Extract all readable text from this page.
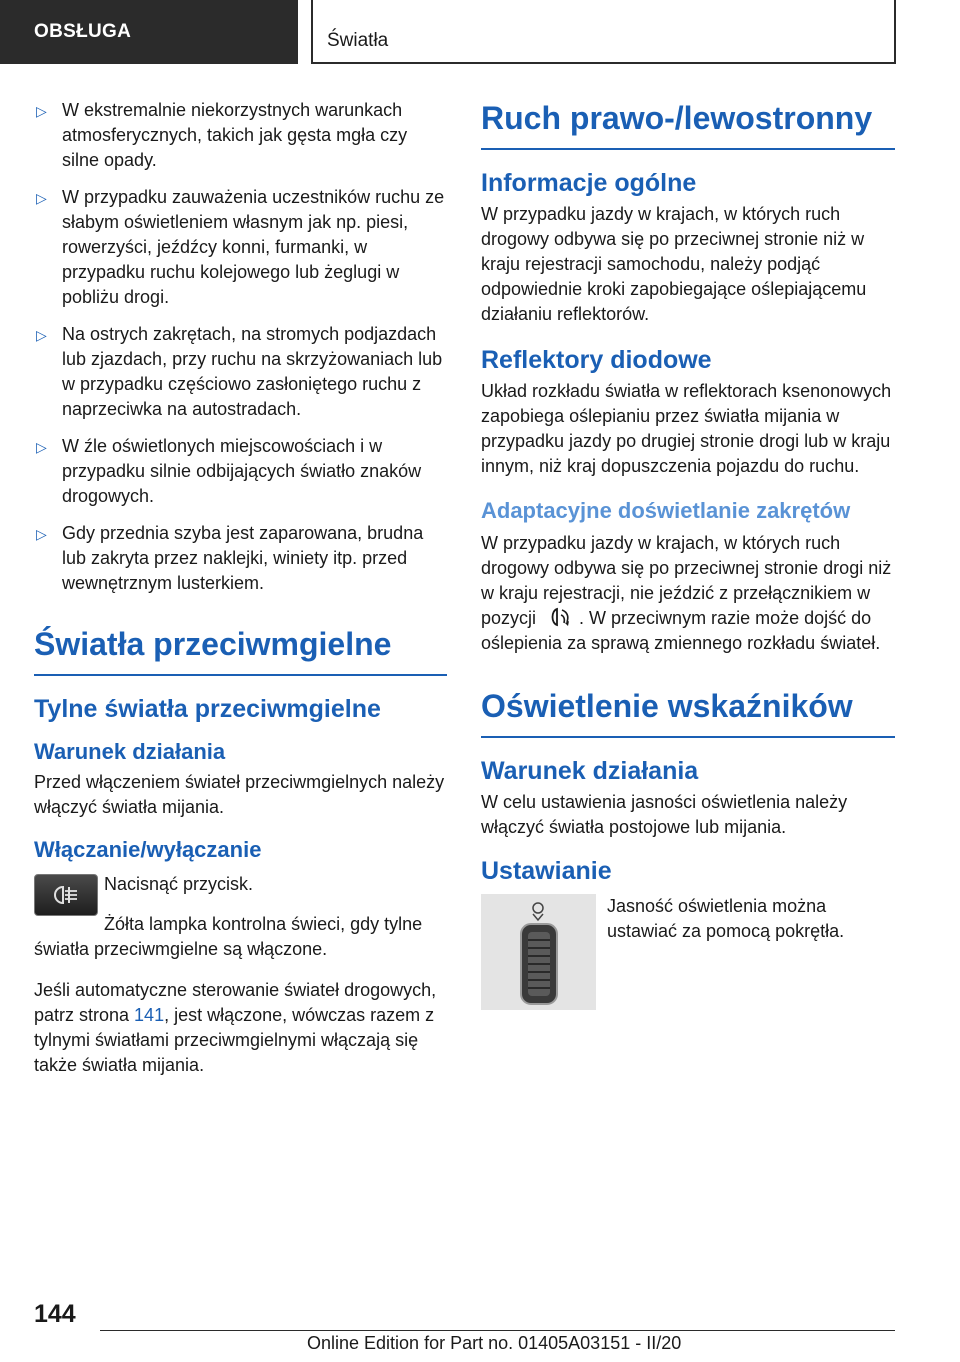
OBSŁUGA	Światła
▷ W ekstremalnie niekorzystnych warunkach atmosferycznych, takich jak gęsta mgła czy silne opady.
▷ W przypadku zauważenia uczestników ruchu ze słabym oświetleniem własnym jak np. piesi, rowerzyści, jeźdźcy konni, furmanki, w przypadku ruchu kolejowego lub żeglugi w pobliżu drogi.
▷ Na ostrych zakrętach, na stromych podjazdach lub zjazdach, przy ruchu na skrzyżowaniach lub w przypadku częściowo zasłoniętego ruchu z naprzeciwka na autostradach.
▷ W źle oświetlonych miejscowościach i w przypadku silnie odbijających światło znaków drogowych.
▷ Gdy przednia szyba jest zaparowana, brudna lub zakryta przez naklejki, winiety itp. przed wewnętrznym lusterkiem.
Światła przeciwmgielne
Tylne światła przeciwmgielne
Warunek działania

Przed włączeniem świateł przeciwmgielnych należy włączyć światła mijania.

Włączanie/wyłączanie

Nacisnąć przycisk.

Żółta lampka kontrolna świeci, gdy tylne światła przeciwmgielne są włączone.

Jeśli automatyczne sterowanie świateł drogowych, patrz strona 141, jest włączone, wówczas razem z tylnymi światłami przeciwmgielnymi włączają się także światła mijania.

Ruch prawo-/lewostronny
Informacje ogólne

W przypadku jazdy w krajach, w których ruch drogowy odbywa się po przeciwnej stronie niż w kraju rejestracji samochodu, należy podjąć odpowiednie kroki zapobiegające oślepiającemu działaniu reflektorów.

Reflektory diodowe

Układ rozkładu światła w reflektorach ksenonowych zapobiega oślepianiu przez światła mijania w przypadku jazdy po drugiej stronie drogi lub w kraju innym, niż kraj dopuszczenia pojazdu do ruchu.

Adaptacyjne doświetlanie zakrętów

W przypadku jazdy w krajach, w których ruch drogowy odbywa się po przeciwnej stronie drogi niż w kraju rejestracji, nie jeździć z przełącznikiem w pozycji . W przeciwnym razie może dojść do oślepienia za sprawą zmiennego rozkładu świateł.

Oświetlenie wskaźników
Warunek działania

W celu ustawienia jasności oświetlenia należy włączyć światła postojowe lub mijania.

Ustawianie

Jasność oświetlenia można ustawiać za pomocą pokrętła.

144
Online Edition for Part no. 01405A03151 - II/20
